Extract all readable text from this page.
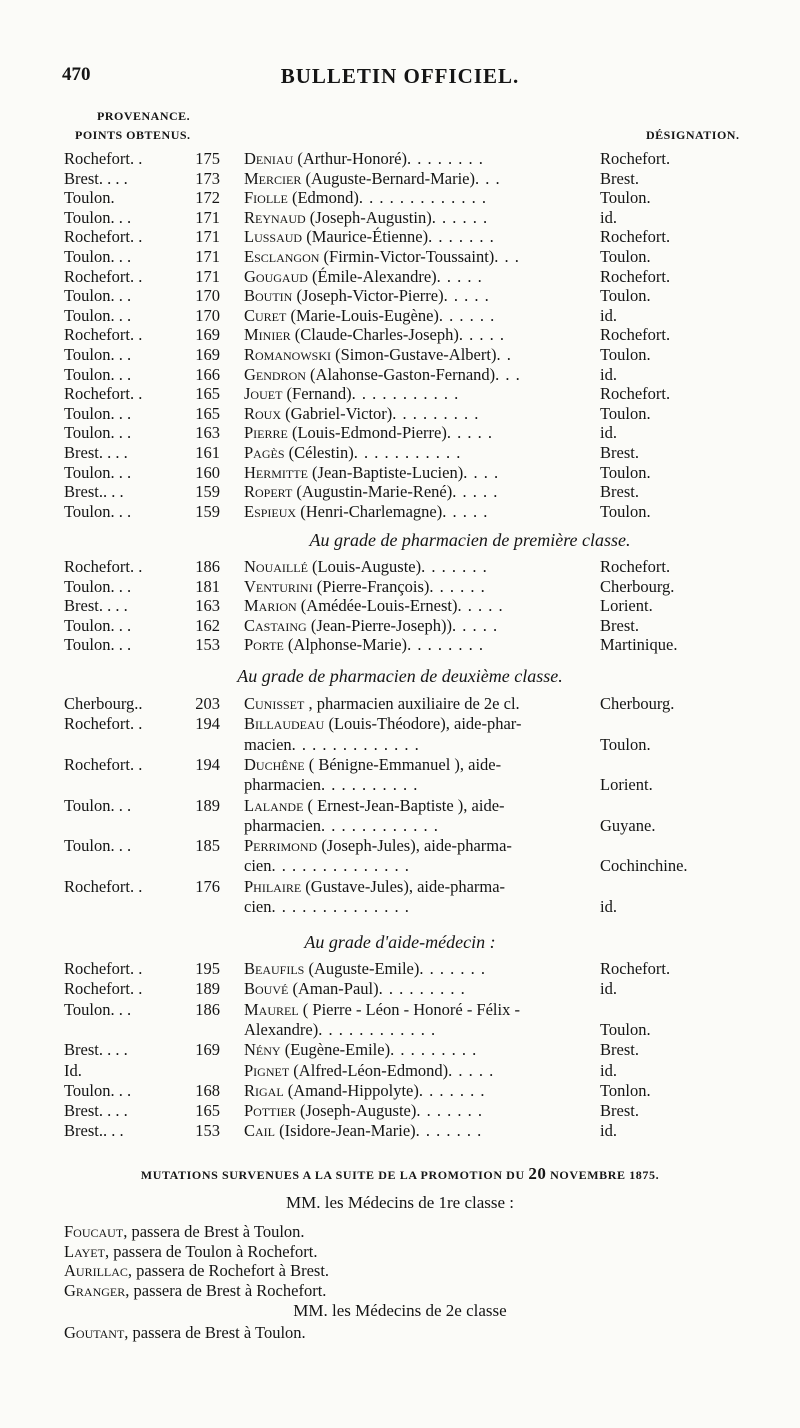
470	BULLETIN OFFICIEL.
PROVENANCE.
POINTS OBTENUS.	DÉSIGNATION.
Rochefort. .	175 Deniau (Arthur-Honoré). . . . . . . .	Rochefort.
Brest. . . .	173 Mercier (Auguste-Bernard-Marie). . .	Brest.
Toulon.	172 Fiolle (Edmond). . . . . . . . . . . . .	Toulon.
Toulon. . .	171 Reynaud (Joseph-Augustin). . . . . .	id.
Rochefort. .	171 Lussaud (Maurice-Étienne). . . . . . .	Rochefort.
Toulon. . .	171 Esclangon (Firmin-Victor-Toussaint). . .	Toulon.
Rochefort. .	171 Gougaud (Émile-Alexandre). . . . .	Rochefort.
Toulon. . .	170 Boutin (Joseph-Victor-Pierre). . . . .	Toulon.
Toulon. . .	170 Curet (Marie-Louis-Eugène). . . . . .	id.
Rochefort. .	169 Minier (Claude-Charles-Joseph). . . . .	Rochefort.
Toulon. . .	169 Romanowski (Simon-Gustave-Albert). .	Toulon.
Toulon. . .	166 Gendron (Alahonse-Gaston-Fernand). . .	id.
Rochefort. .	165 Jouet (Fernand). . . . . . . . . . .	Rochefort.
Toulon. . .	165 Roux (Gabriel-Victor). . . . . . . . .	Toulon.
Toulon. . .	163 Pierre (Louis-Edmond-Pierre). . . . .	id.
Brest. . . .	161 Pagès (Célestin). . . . . . . . . . .	Brest.
Toulon. . .	160 Hermitte (Jean-Baptiste-Lucien). . . .	Toulon.
Brest.. . .	159 Ropert (Augustin-Marie-René). . . . .	Brest.
Toulon. . .	159 Espieux (Henri-Charlemagne). . . . .	Toulon.
Au grade de pharmacien de première classe.
Rochefort. .	186 Nouaillé (Louis-Auguste). . . . . . .	Rochefort.
Toulon. . .	181 Venturini (Pierre-François). . . . . .	Cherbourg.
Brest. . . .	163 Marion (Amédée-Louis-Ernest). . . . .	Lorient.
Toulon. . .	162 Castaing (Jean-Pierre-Joseph)). . . . .	Brest.
Toulon. . .	153 Porte (Alphonse-Marie). . . . . . . .	Martinique.
Au grade de pharmacien de deuxième classe.
Cherbourg..	203 Cunisset , pharmacien auxiliaire de 2e cl.	Cherbourg.
Rochefort. .	194 Billaudeau (Louis-Théodore), aide-phar-
macien. . . . . . . . . . . . .	Toulon.
Rochefort. .	194 Duchêne ( Bénigne-Emmanuel ), aide-
pharmacien. . . . . . . . . .	Lorient.
Toulon. . .	189 Lalande ( Ernest-Jean-Baptiste ), aide-
pharmacien. . . . . . . . . . . .	Guyane.
Toulon. . .	185 Perrimond (Joseph-Jules), aide-pharma-
cien. . . . . . . . . . . . . .	Cochinchine.
Rochefort. .	176 Philaire (Gustave-Jules), aide-pharma-
cien. . . . . . . . . . . . . .	id.
Au grade d'aide-médecin :
Rochefort. .	195 Beaufils (Auguste-Emile). . . . . . .	Rochefort.
Rochefort. .	189 Bouvé (Aman-Paul). . . . . . . . .	id.
Toulon. . .	186 Maurel ( Pierre - Léon - Honoré - Félix -
Alexandre). . . . . . . . . . . .	Toulon.
Brest. . . .	169 Nény (Eugène-Emile). . . . . . . . .	Brest.
Id.	Pignet (Alfred-Léon-Edmond). . . . .	id.
Toulon. . .	168 Rigal (Amand-Hippolyte). . . . . . .	Tonlon.
Brest. . . .	165 Pottier (Joseph-Auguste). . . . . . .	Brest.
Brest.. . .	153 Cail (Isidore-Jean-Marie). . . . . . .	id.
MUTATIONS SURVENUES A LA SUITE DE LA PROMOTION DU 20 NOVEMBRE 1875.
MM. les Médecins de 1re classe :
Foucaut, passera de Brest à Toulon.
Layet, passera de Toulon à Rochefort.
Aurillac, passera de Rochefort à Brest.
Granger, passera de Brest à Rochefort.
MM. les Médecins de 2e classe
Goutant, passera de Brest à Toulon.
